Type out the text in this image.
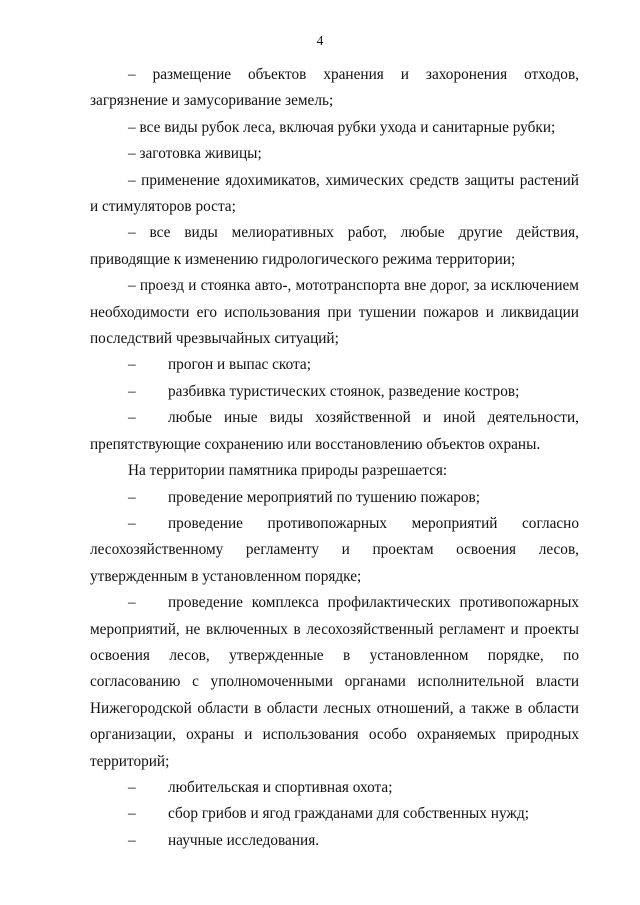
4

– размещение объектов хранения и захоронения отходов, загрязнение и замусоривание земель;

– все виды рубок леса, включая рубки ухода и санитарные рубки;

– заготовка живицы;

– применение ядохимикатов, химических средств защиты растений и стимуляторов роста;

– все виды мелиоративных работ, любые другие действия, приводящие к изменению гидрологического режима территории;

– проезд и стоянка авто-, мототранспорта вне дорог, за исключением необходимости его использования при тушении пожаров и ликвидации последствий чрезвычайных ситуаций;

–	прогон и выпас скота;
–	разбивка туристических стоянок, разведение костров;
–	любые иные виды хозяйственной и иной деятельности, препятствующие сохранению или восстановлению объектов охраны.

На территории памятника природы разрешается:

–	проведение мероприятий по тушению пожаров;
–	проведение противопожарных мероприятий согласно лесохозяйственному регламенту и проектам освоения лесов, утвержденным в установленном порядке;
–	проведение комплекса профилактических противопожарных мероприятий, не включенных в лесохозяйственный регламент и проекты освоения лесов, утвержденные в установленном порядке, по согласованию с уполномоченными органами исполнительной власти Нижегородской области в области лесных отношений, а также в области организации, охраны и использования особо охраняемых природных территорий;
–	любительская и спортивная охота;
–	сбор грибов и ягод гражданами для собственных нужд;
–	научные исследования.
